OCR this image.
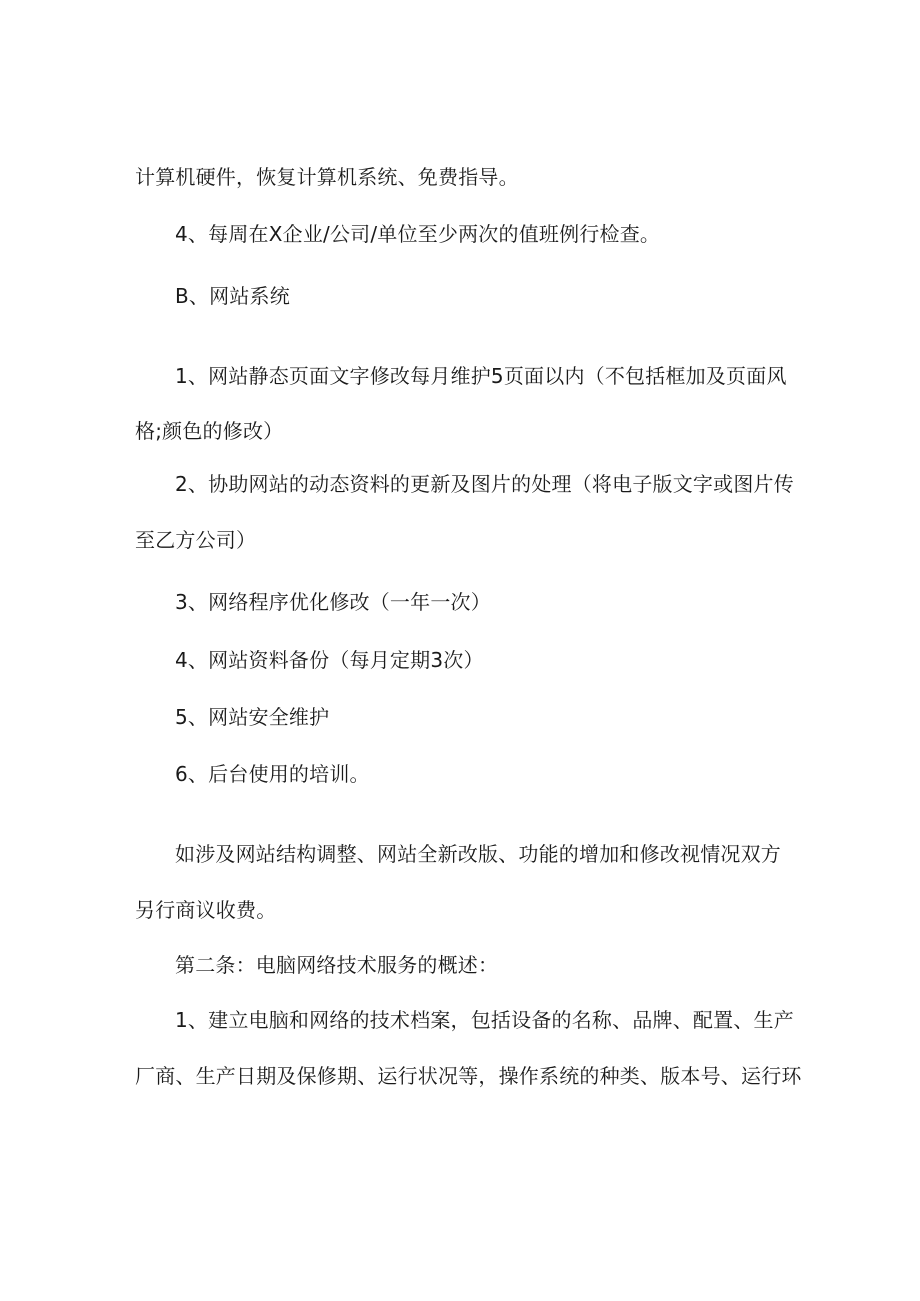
计算机硬件，恢复计算机系统、免费指导。
4、每周在X企业/公司/单位至少两次的值班例行检查。
B、网站系统
1、网站静态页面文字修改每月维护5页面以内（不包括框加及页面风
格;颜色的修改）
2、协助网站的动态资料的更新及图片的处理（将电子版文字或图片传
至乙方公司）
3、网络程序优化修改（一年一次）
4、网站资料备份（每月定期3次）
5、网站安全维护
6、后台使用的培训。
如涉及网站结构调整、网站全新改版、功能的增加和修改视情况双方
另行商议收费。
第二条：电脑网络技术服务的概述：
1、建立电脑和网络的技术档案，包括设备的名称、品牌、配置、生产
厂商、生产日期及保修期、运行状况等，操作系统的种类、版本号、运行环
